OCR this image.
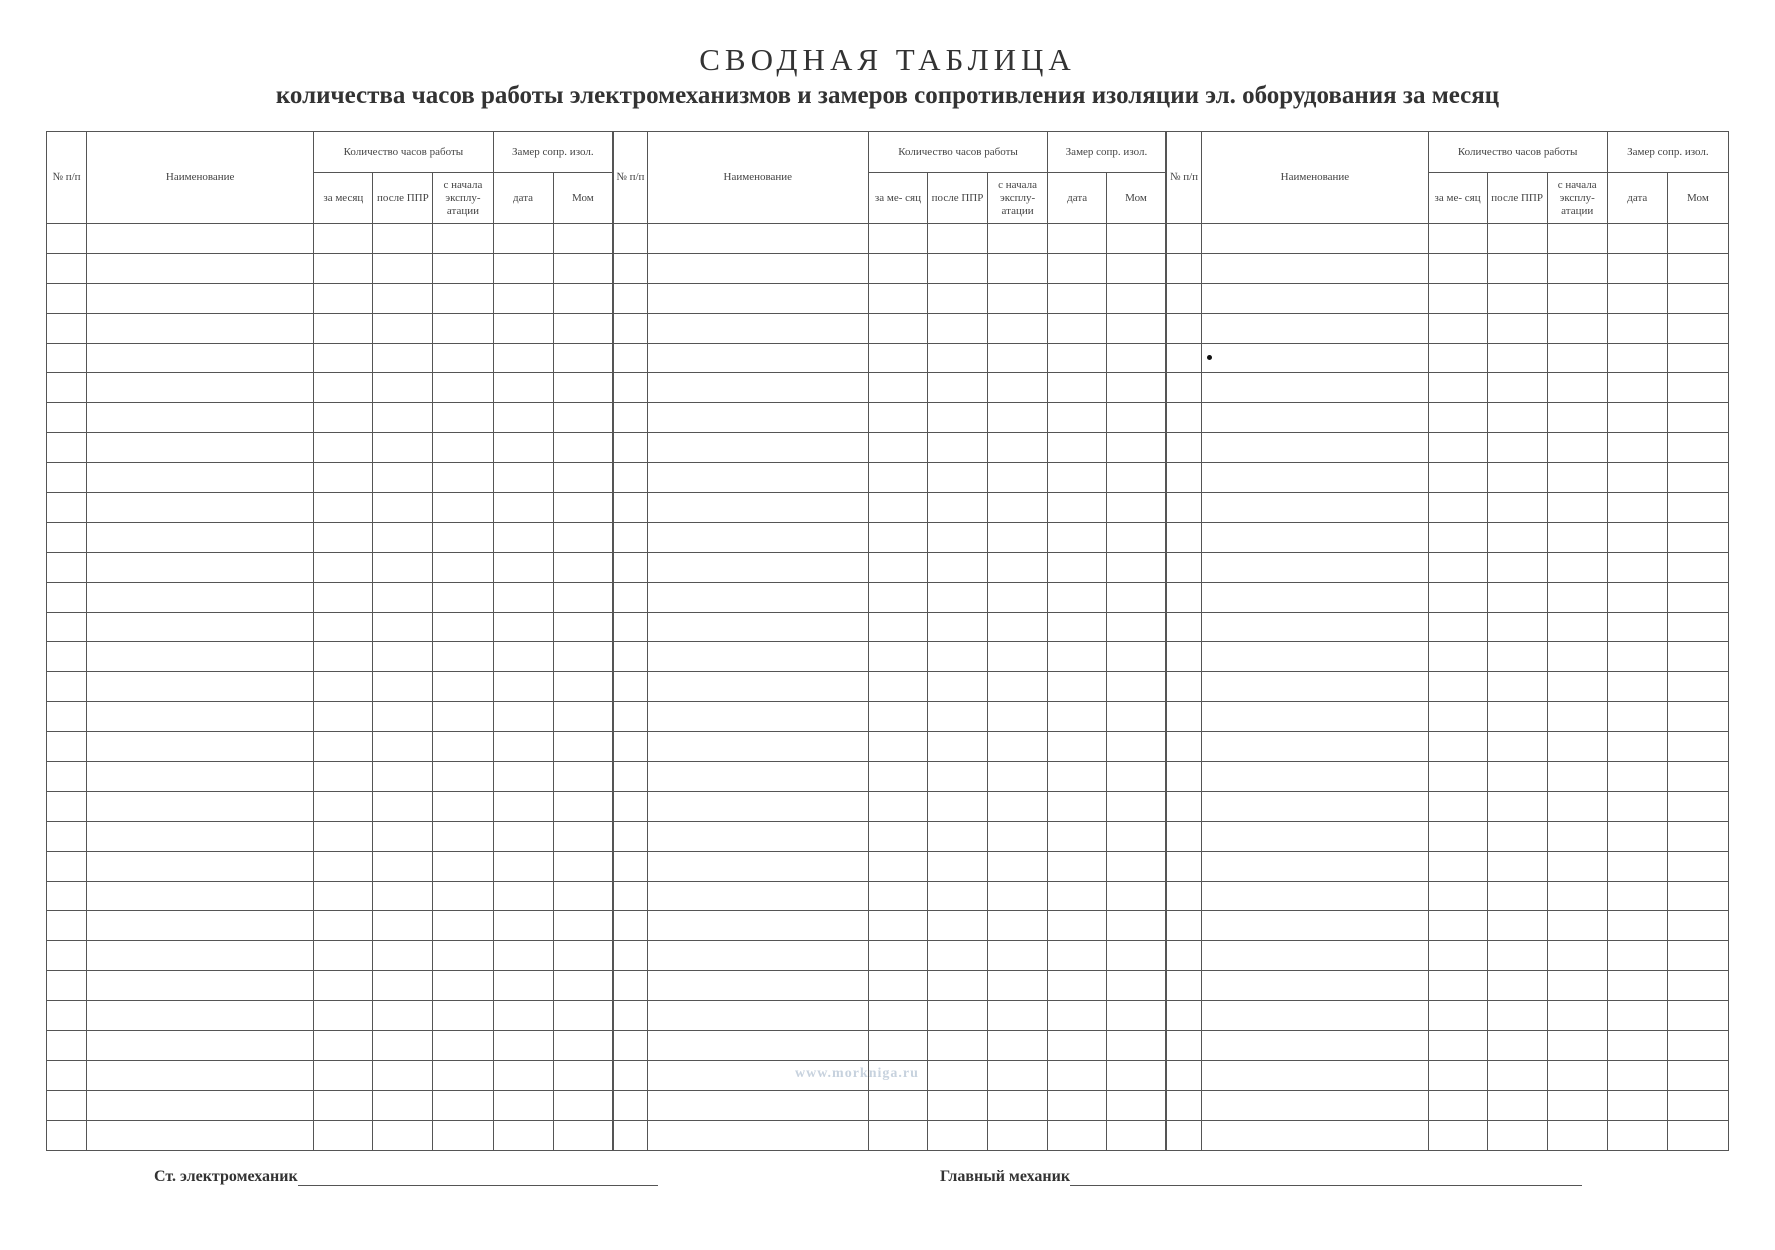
СВОДНАЯ ТАБЛИЦА
количества часов работы электромеханизмов и замеров сопротивления изоляции эл. оборудования за месяц
№ п/п	Наименование	Количество часов работы			Замер сопр. изол.		№ п/п	Наименование	Количество часов работы			Замер сопр. изол.		№ п/п	Наименование	Количество часов работы			Замер сопр. изол.	
		за месяц	после ППР	с начала эксплу- атации	дата	Мом			за ме- сяц	после ППР	с начала эксплу- атации	дата	Мом			за ме- сяц	после ППР	с начала эксплу- атации	дата	Мом

www.morkniga.ru
Ст. электромеханик	Главный механик
